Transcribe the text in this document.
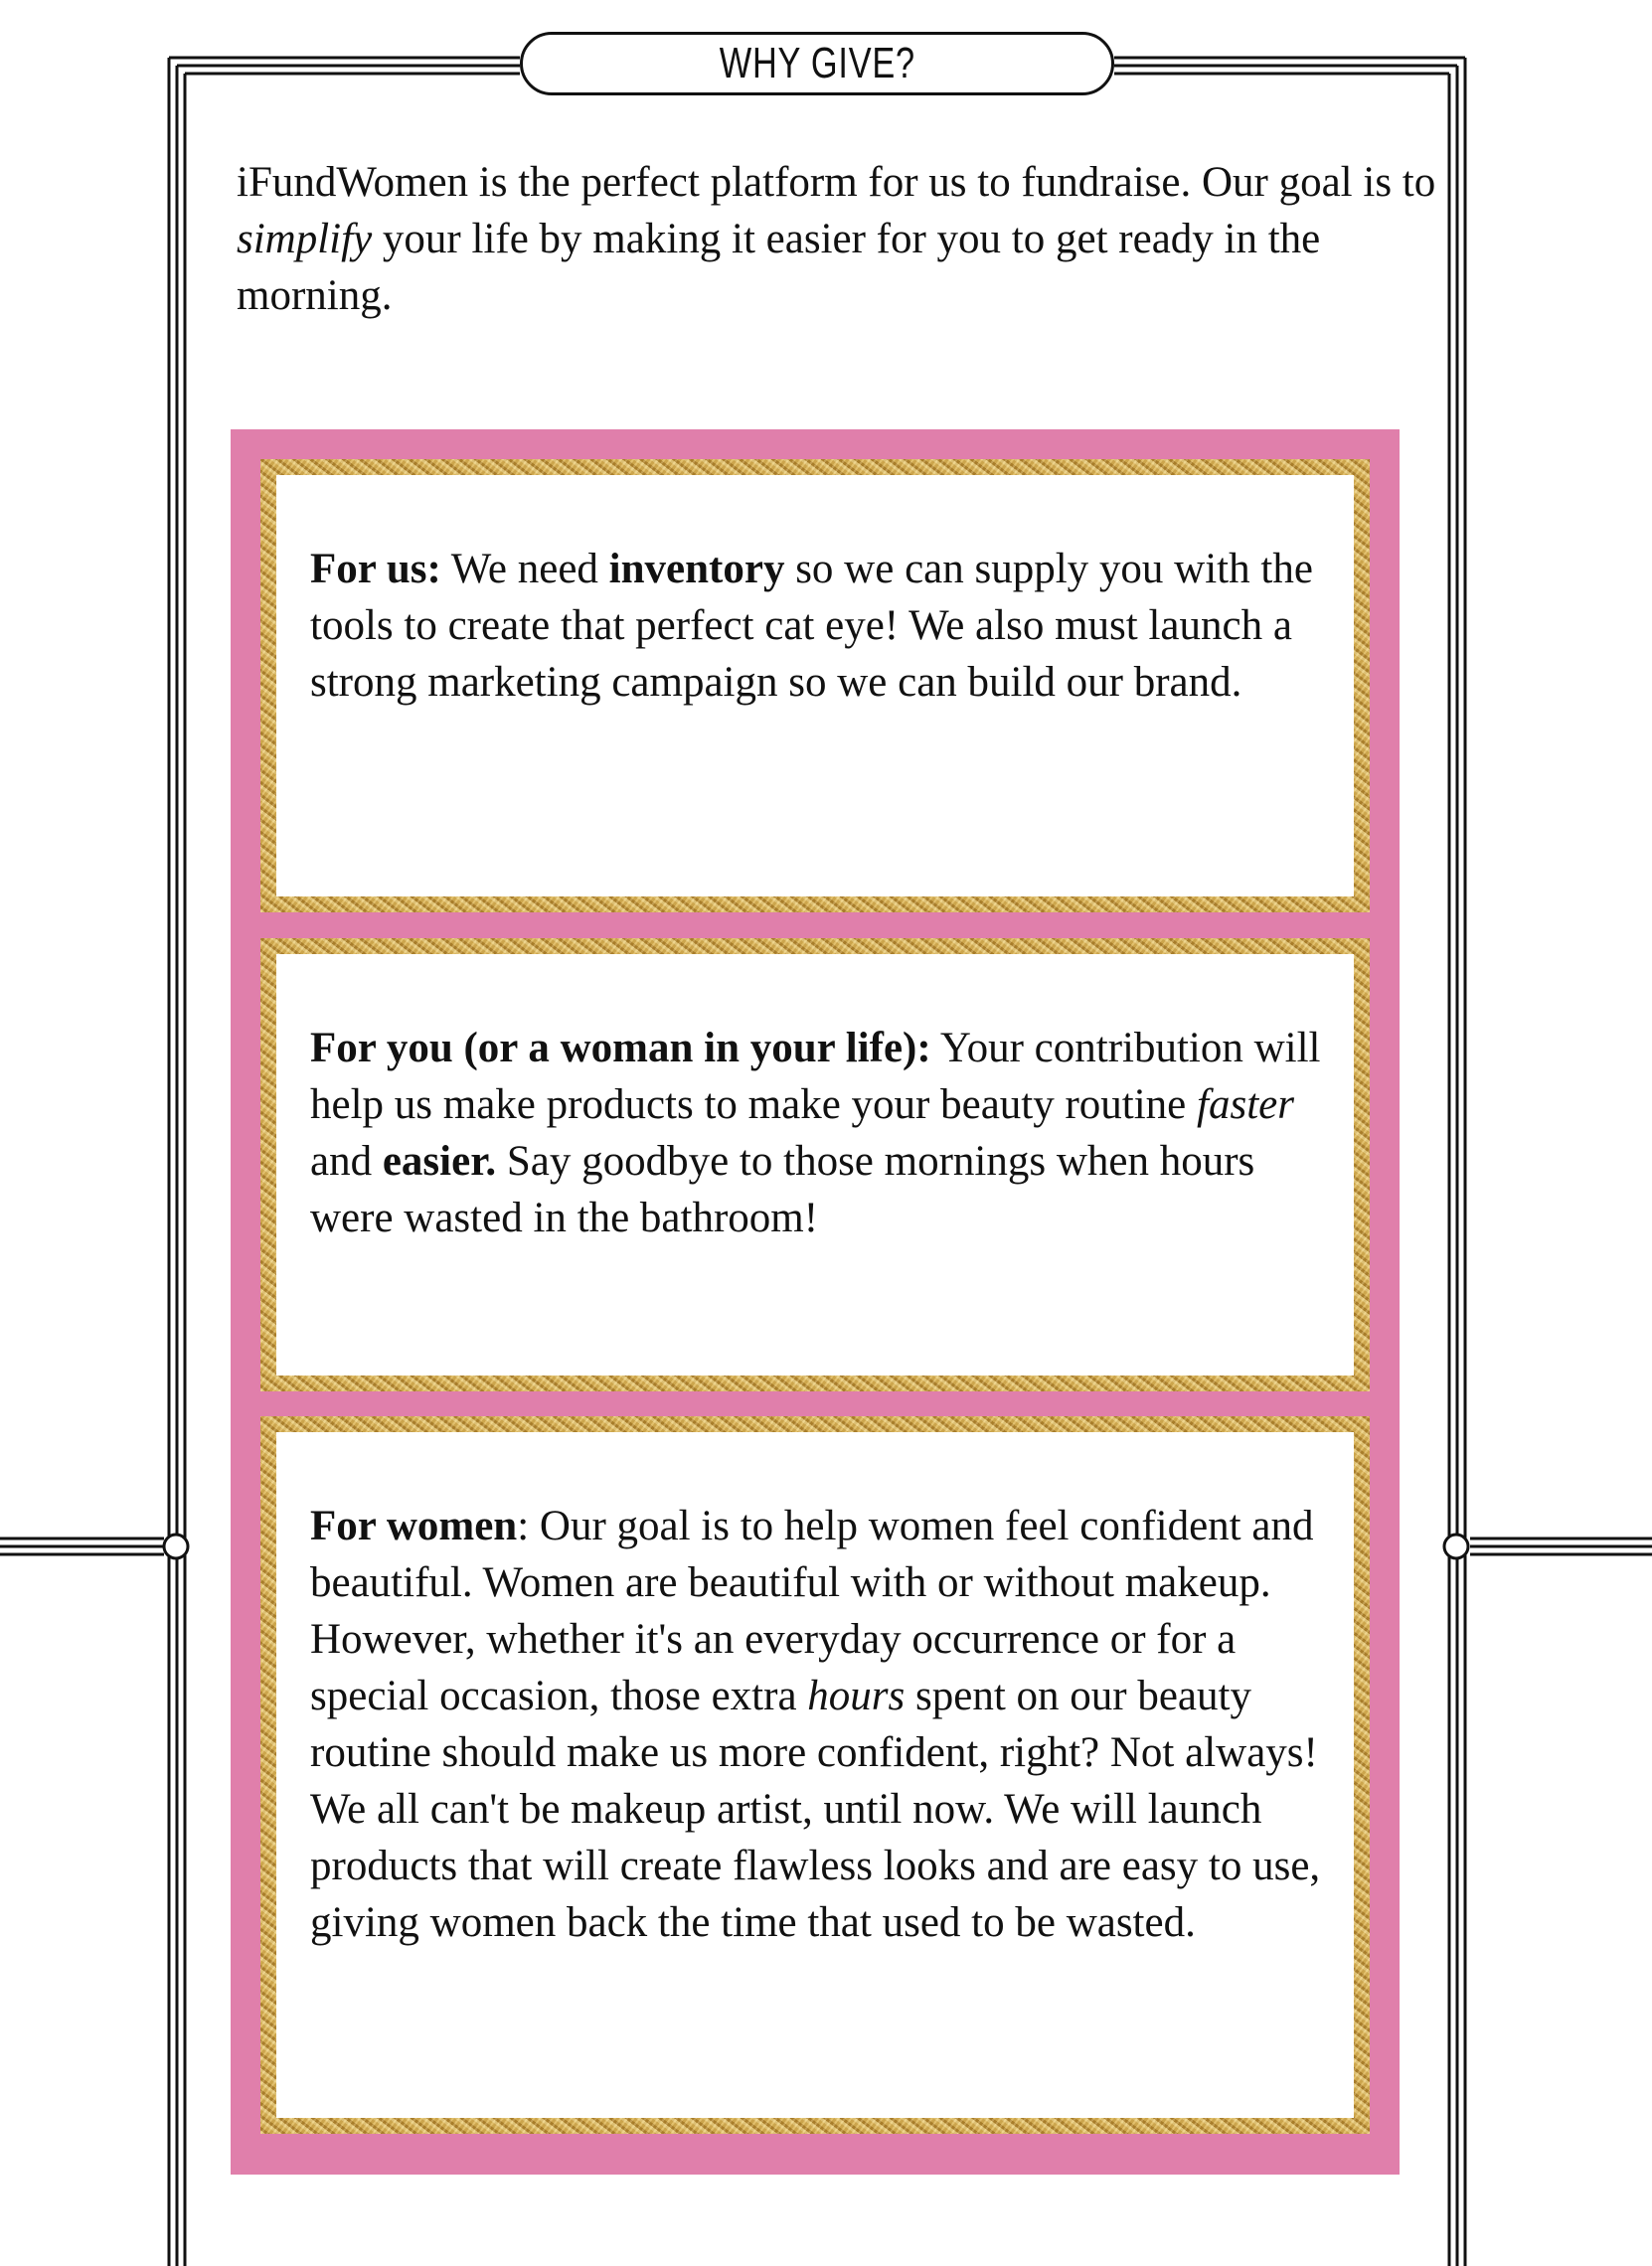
WHY GIVE?

iFundWomen is the perfect platform for us to fundraise. Our goal is to simplify your life by making it easier for you to get ready in the morning.

For us: We need inventory so we can supply you with the tools to create that perfect cat eye! We also must launch a strong marketing campaign so we can build our brand.

For you (or a woman in your life): Your contribution will help us make products to make your beauty routine faster and easier. Say goodbye to those mornings when hours were wasted in the bathroom!

For women: Our goal is to help women feel confident and beautiful. Women are beautiful with or without makeup. However, whether it's an everyday occurrence or for a special occasion, those extra hours spent on our beauty routine should make us more confident, right? Not always! We all can't be makeup artist, until now. We will launch products that will create flawless looks and are easy to use, giving women back the time that used to be wasted.
